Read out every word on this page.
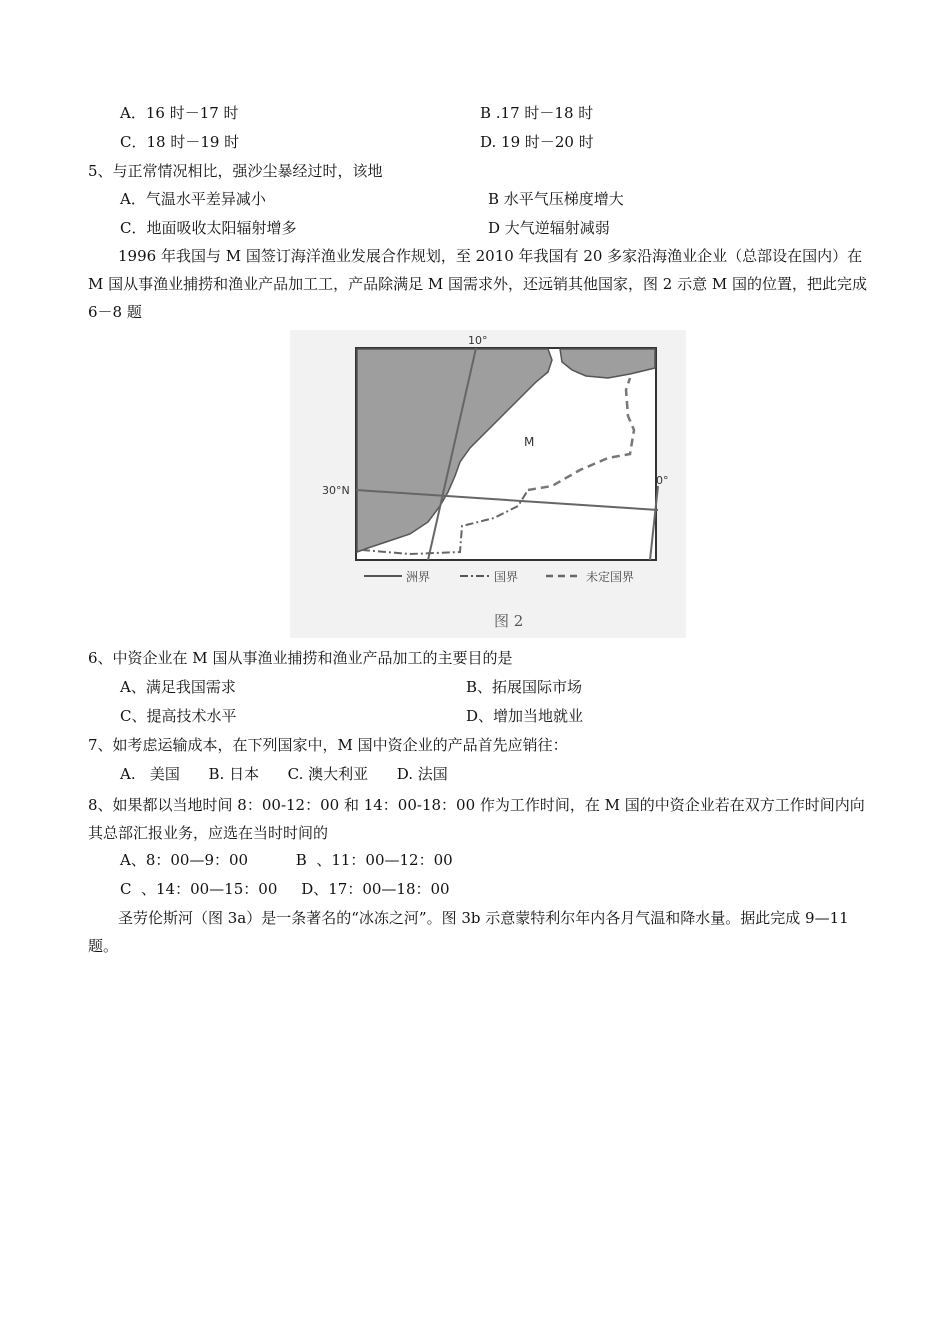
A．16 时－17 时	B .17 时－18 时
C．18 时－19 时	D. 19 时－20 时
5、与正常情况相比，强沙尘暴经过时，该地
A．气温水平差异减小	B 水平气压梯度增大
C．地面吸收太阳辐射增多	D 大气逆辐射减弱
1996 年我国与 M 国签订海洋渔业发展合作规划，至 2010 年我国有 20 多家沿海渔业企业（总部设在国内）在 M 国从事渔业捕捞和渔业产品加工工，产品除满足 M 国需求外，还远销其他国家，图 2 示意 M 国的位置，把此完成 6－8 题
10°
0°
30°N
M
洲界	国界	未定国界
图 2
6、中资企业在 M 国从事渔业捕捞和渔业产品加工的主要目的是
A、满足我国需求	B、拓展国际市场
C、提高技术水平	D、增加当地就业
7、如考虑运输成本，在下列国家中，M 国中资企业的产品首先应销往：
A.   美国      B. 日本      C. 澳大利亚      D. 法国
8、如果都以当地时间 8：00-12：00 和 14：00-18：00 作为工作时间，在 M 国的中资企业若在双方工作时间内向其总部汇报业务，应选在当时时间的
A、8：00—9：00          B  、11：00—12：00
C  、14：00—15：00     D、17：00—18：00
圣劳伦斯河（图 3a）是一条著名的“冰冻之河”。图 3b 示意蒙特利尔年内各月气温和降水量。据此完成 9—11 题。
